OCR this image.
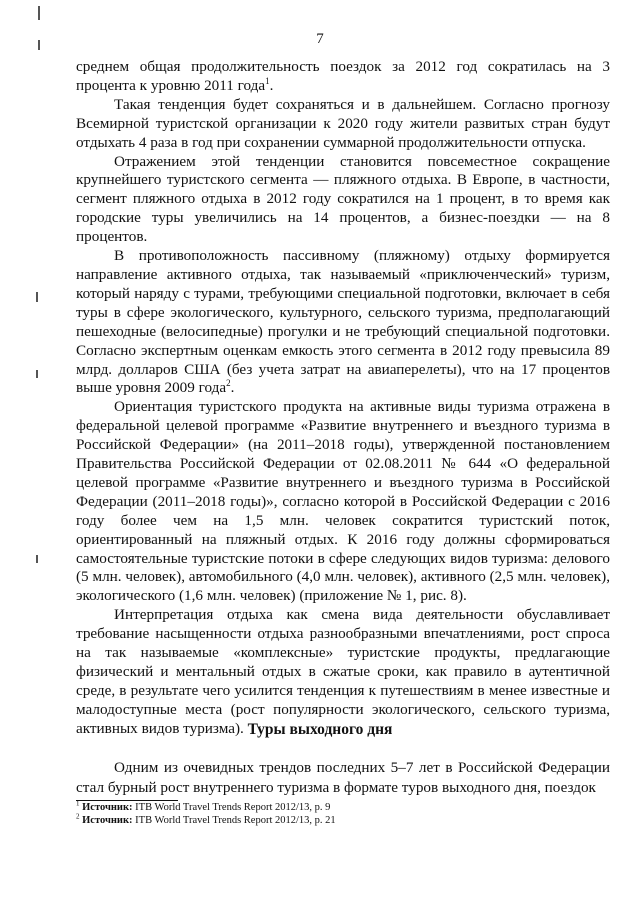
7

среднем общая продолжительность поездок за 2012 год сократилась на 3 процента к уровню 2011 года$^1$.

Такая тенденция будет сохраняться и в дальнейшем. Согласно прогнозу Всемирной туристской организации к 2020 году жители развитых стран будут отдыхать 4 раза в год при сохранении суммарной продолжительности отпуска.

Отражением этой тенденции становится повсеместное сокращение крупнейшего туристского сегмента — пляжного отдыха. В Европе, в частности, сегмент пляжного отдыха в 2012 году сократился на 1 процент, в то время как городские туры увеличились на 14 процентов, а бизнес-поездки — на 8 процентов.

В противоположность пассивному (пляжному) отдыху формируется направление активного отдыха, так называемый «приключенческий» туризм, который наряду с турами, требующими специальной подготовки, включает в себя туры в сфере экологического, культурного, сельского туризма, предполагающий пешеходные (велосипедные) прогулки и не требующий специальной подготовки. Согласно экспертным оценкам емкость этого сегмента в 2012 году превысила 89 млрд. долларов США (без учета затрат на авиаперелеты), что на 17 процентов выше уровня 2009 года$^2$.

Ориентация туристского продукта на активные виды туризма отражена в федеральной целевой программе «Развитие внутреннего и въездного туризма в Российской Федерации» (на 2011–2018 годы), утвержденной постановлением Правительства Российской Федерации от 02.08.2011 № 644 «О федеральной целевой программе «Развитие внутреннего и въездного туризма в Российской Федерации (2011–2018 годы)», согласно которой в Российской Федерации с 2016 году более чем на 1,5 млн. человек сократится туристский поток, ориентированный на пляжный отдых. К 2016 году должны сформироваться самостоятельные туристские потоки в сфере следующих видов туризма: делового (5 млн. человек), автомобильного (4,0 млн. человек), активного (2,5 млн. человек), экологического (1,6 млн. человек) (приложение № 1, рис. 8).

Интерпретация отдыха как смена вида деятельности обуславливает требование насыщенности отдыха разнообразными впечатлениями, рост спроса на так называемые «комплексные» туристские продукты, предлагающие физический и ментальный отдых в сжатые сроки, как правило в аутентичной среде, в результате чего усилится тенденция к путешествиям в менее известные и малодоступные места (рост популярности экологического, сельского туризма, активных видов туризма). Туры выходного дня

Одним из очевидных трендов последних 5–7 лет в Российской Федерации стал бурный рост внутреннего туризма в формате туров выходного дня, поездок

$^1$ Источник: ITB World Travel Trends Report 2012/13, p. 9
$^2$ Источник: ITB World Travel Trends Report 2012/13, p. 21
